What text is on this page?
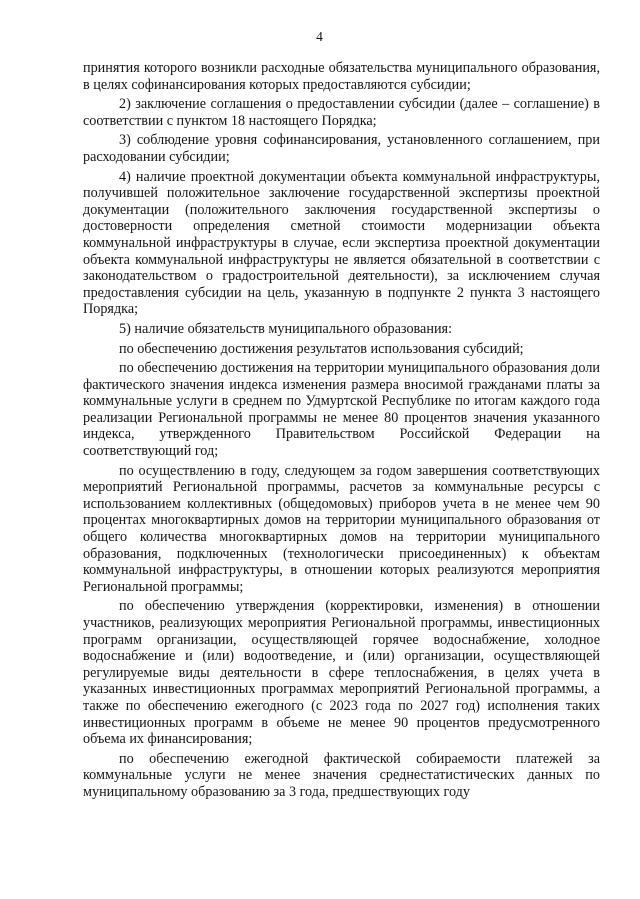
4

принятия которого возникли расходные обязательства муниципального образования, в целях софинансирования которых предоставляются субсидии;

2) заключение соглашения о предоставлении субсидии (далее – соглашение) в соответствии с пунктом 18 настоящего Порядка;

3) соблюдение уровня софинансирования, установленного соглашением, при расходовании субсидии;

4) наличие проектной документации объекта коммунальной инфраструктуры, получившей положительное заключение государственной экспертизы проектной документации (положительного заключения государственной экспертизы о достоверности определения сметной стоимости модернизации объекта коммунальной инфраструктуры в случае, если экспертиза проектной документации объекта коммунальной инфраструктуры не является обязательной в соответствии с законодательством о градостроительной деятельности), за исключением случая предоставления субсидии на цель, указанную в подпункте 2 пункта 3 настоящего Порядка;

5) наличие обязательств муниципального образования:

по обеспечению достижения результатов использования субсидий;

по обеспечению достижения на территории муниципального образования доли фактического значения индекса изменения размера вносимой гражданами платы за коммунальные услуги в среднем по Удмуртской Республике по итогам каждого года реализации Региональной программы не менее 80 процентов значения указанного индекса, утвержденного Правительством Российской Федерации на соответствующий год;

по осуществлению в году, следующем за годом завершения соответствующих мероприятий Региональной программы, расчетов за коммунальные ресурсы с использованием коллективных (общедомовых) приборов учета в не менее чем 90 процентах многоквартирных домов на территории муниципального образования от общего количества многоквартирных домов на территории муниципального образования, подключенных (технологически присоединенных) к объектам коммунальной инфраструктуры, в отношении которых реализуются мероприятия Региональной программы;

по обеспечению утверждения (корректировки, изменения) в отношении участников, реализующих мероприятия Региональной программы, инвестиционных программ организации, осуществляющей горячее водоснабжение, холодное водоснабжение и (или) водоотведение, и (или) организации, осуществляющей регулируемые виды деятельности в сфере теплоснабжения, в целях учета в указанных инвестиционных программах мероприятий Региональной программы, а также по обеспечению ежегодного (с 2023 года по 2027 год) исполнения таких инвестиционных программ в объеме не менее 90 процентов предусмотренного объема их финансирования;

по обеспечению ежегодной фактической собираемости платежей за коммунальные услуги не менее значения среднестатистических данных по муниципальному образованию за 3 года, предшествующих году
